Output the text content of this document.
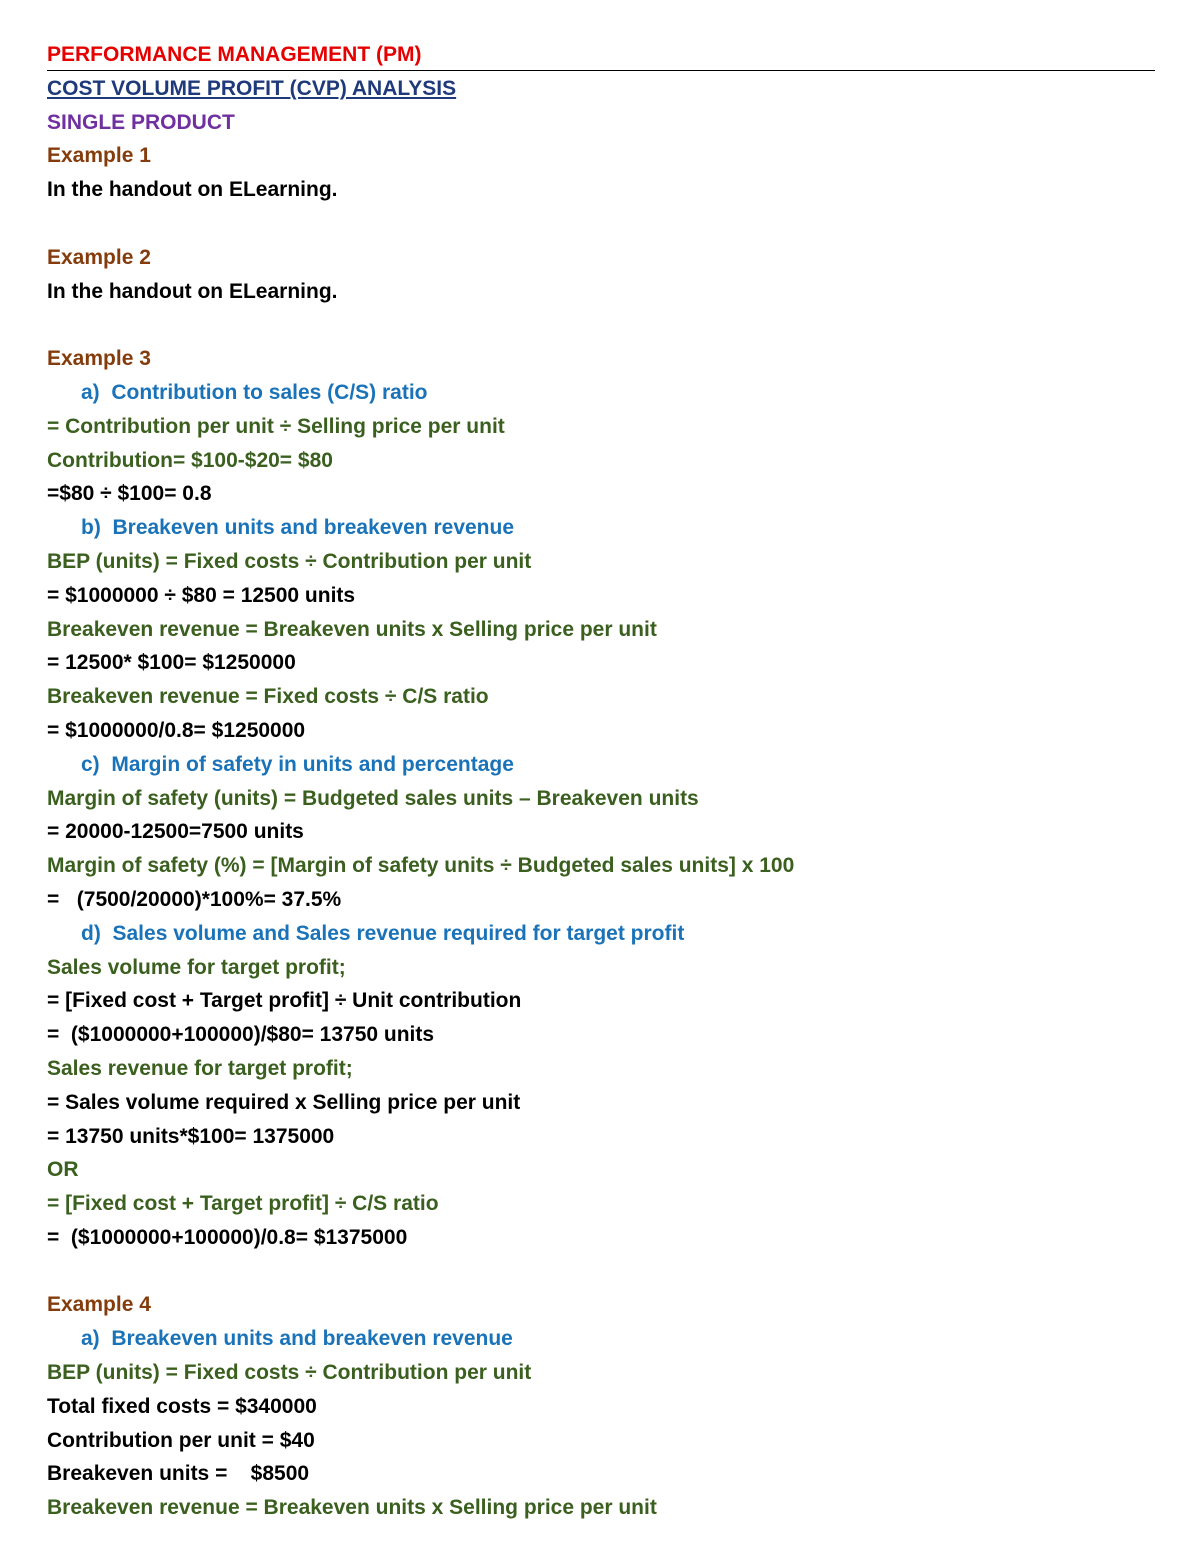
PERFORMANCE MANAGEMENT (PM)
COST VOLUME PROFIT (CVP) ANALYSIS
SINGLE PRODUCT
Example 1
In the handout on ELearning.
Example 2
In the handout on ELearning.
Example 3
a)  Contribution to sales (C/S) ratio
= Contribution per unit ÷ Selling price per unit
Contribution= $100-$20= $80
=$80 ÷ $100= 0.8
b)  Breakeven units and breakeven revenue
BEP (units) = Fixed costs ÷ Contribution per unit
= $1000000 ÷ $80 = 12500 units
Breakeven revenue = Breakeven units x Selling price per unit
= 12500* $100= $1250000
Breakeven revenue = Fixed costs ÷ C/S ratio
= $1000000/0.8= $1250000
c)  Margin of safety in units and percentage
Margin of safety (units) = Budgeted sales units – Breakeven units
= 20000-12500=7500 units
Margin of safety (%) = [Margin of safety units ÷ Budgeted sales units] x 100
=   (7500/20000)*100%= 37.5%
d)  Sales volume and Sales revenue required for target profit
Sales volume for target profit;
= [Fixed cost + Target profit] ÷ Unit contribution
=  ($1000000+100000)/$80= 13750 units
Sales revenue for target profit;
= Sales volume required x Selling price per unit
= 13750 units*$100= 1375000
OR
= [Fixed cost + Target profit] ÷ C/S ratio
=  ($1000000+100000)/0.8= $1375000
Example 4
a)  Breakeven units and breakeven revenue
BEP (units) = Fixed costs ÷ Contribution per unit
Total fixed costs = $340000
Contribution per unit = $40
Breakeven units =    $8500
Breakeven revenue = Breakeven units x Selling price per unit
